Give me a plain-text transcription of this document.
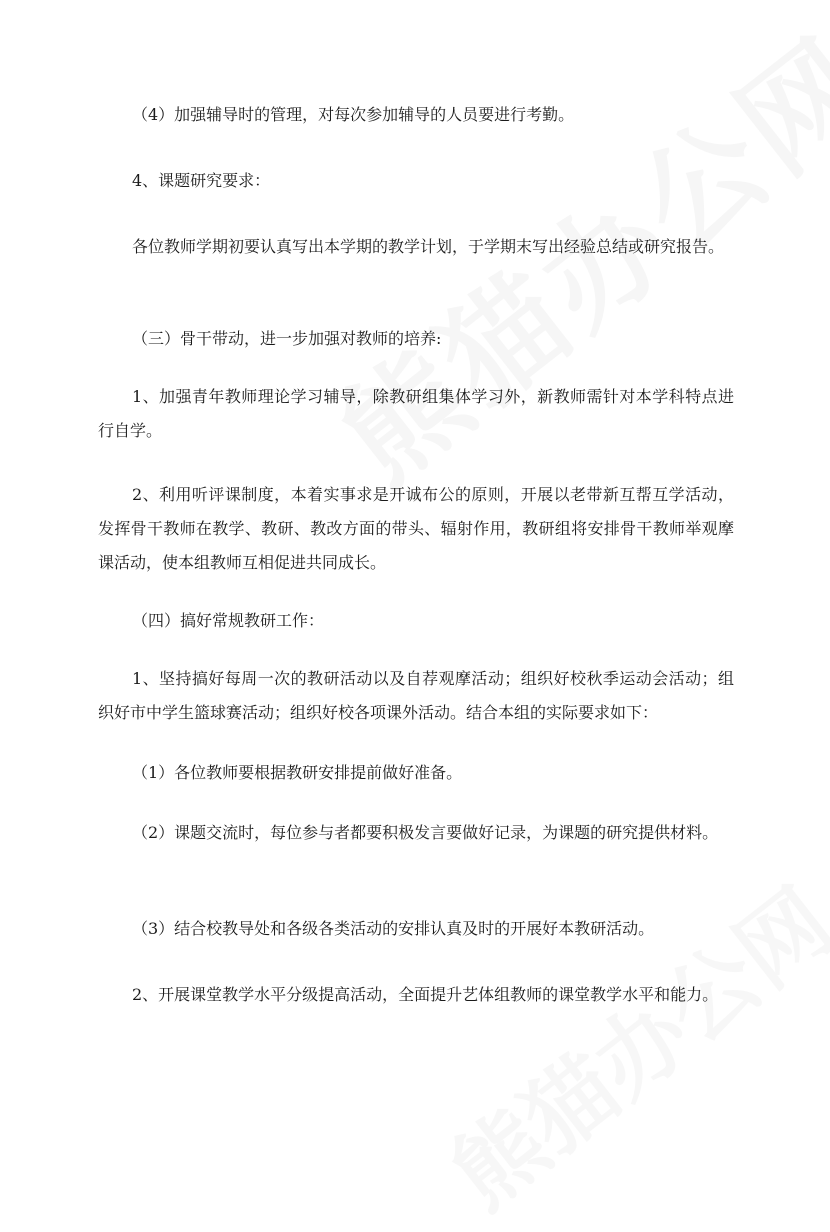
（4）加强辅导时的管理，对每次参加辅导的人员要进行考勤。

4、课题研究要求：

各位教师学期初要认真写出本学期的教学计划，于学期末写出经验总结或研究报告。

（三）骨干带动，进一步加强对教师的培养:

1、加强青年教师理论学习辅导，除教研组集体学习外，新教师需针对本学科特点进行自学。

2、利用听评课制度，本着实事求是开诚布公的原则，开展以老带新互帮互学活动，发挥骨干教师在教学、教研、教改方面的带头、辐射作用，教研组将安排骨干教师举观摩课活动，使本组教师互相促进共同成长。

（四）搞好常规教研工作：

1、坚持搞好每周一次的教研活动以及自荐观摩活动；组织好校秋季运动会活动；组织好市中学生篮球赛活动；组织好校各项课外活动。结合本组的实际要求如下：

（1）各位教师要根据教研安排提前做好准备。

（2）课题交流时，每位参与者都要积极发言要做好记录，为课题的研究提供材料。

（3）结合校教导处和各级各类活动的安排认真及时的开展好本教研活动。

2、开展课堂教学水平分级提高活动，全面提升艺体组教师的课堂教学水平和能力。
